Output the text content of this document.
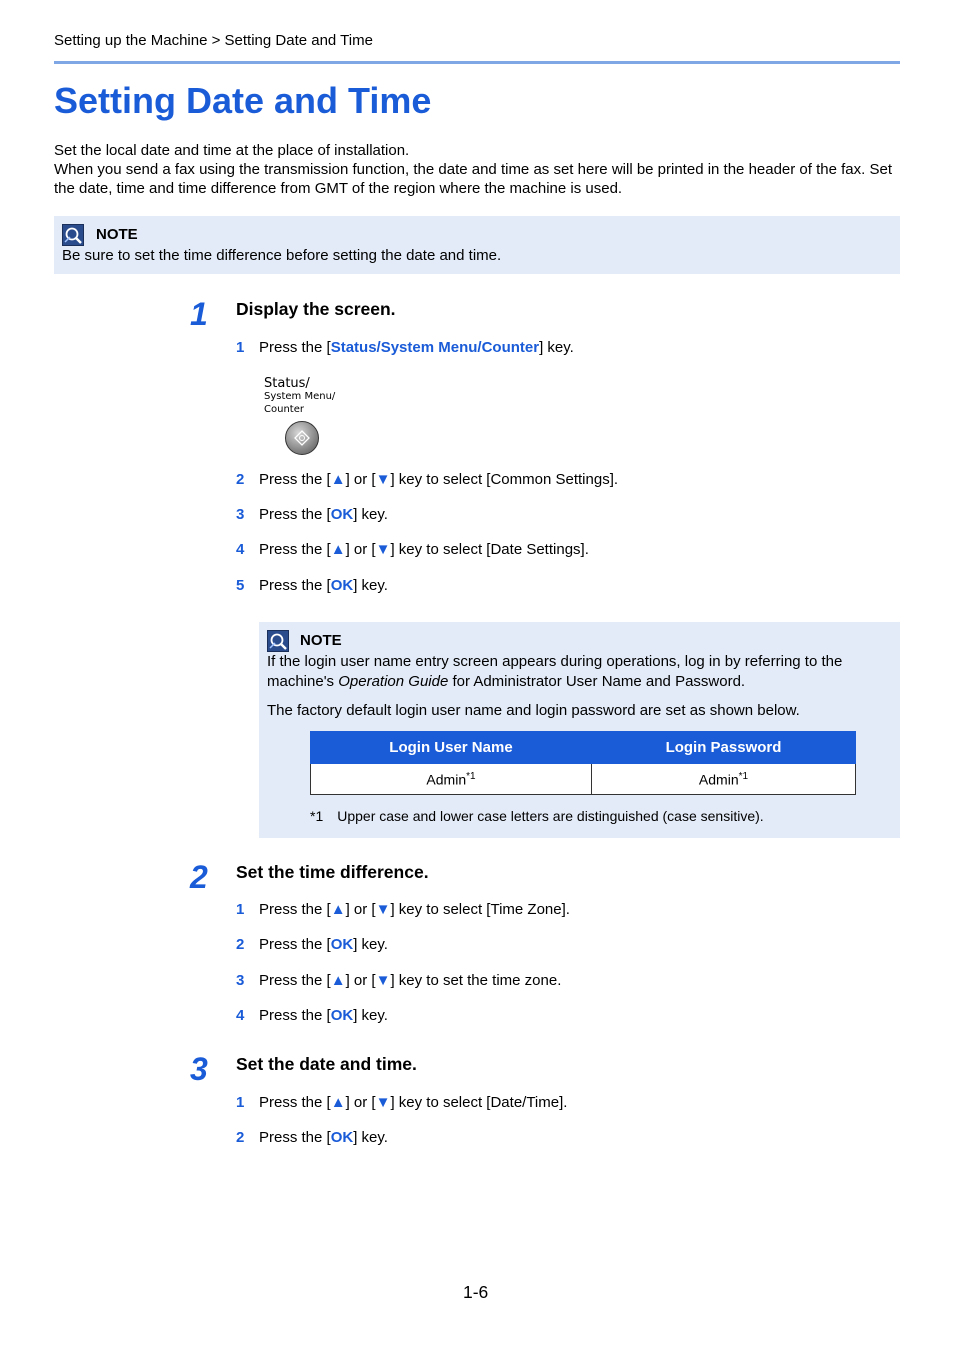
Setting up the Machine > Setting Date and Time
Setting Date and Time

Set the local date and time at the place of installation.

When you send a fax using the transmission function, the date and time as set here will be printed in the header of the fax. Set the date, time and time difference from GMT of the region where the machine is used.

NOTE
Be sure to set the time difference before setting the date and time.
1 Display the screen.
1 Press the [Status/System Menu/Counter] key.
Status/
System Menu/
Counter
2 Press the [▲] or [▼] key to select [Common Settings].
3 Press the [OK] key.
4 Press the [▲] or [▼] key to select [Date Settings].
5 Press the [OK] key.
NOTE
If the login user name entry screen appears during operations, log in by referring to the machine's Operation Guide for Administrator User Name and Password.
The factory default login user name and login password are set as shown below.
Login User Name	Login Password
Admin$^{*1}$	Admin$^{*1}$
*1 Upper case and lower case letters are distinguished (case sensitive).
2 Set the time difference.
1 Press the [▲] or [▼] key to select [Time Zone].
2 Press the [OK] key.
3 Press the [▲] or [▼] key to set the time zone.
4 Press the [OK] key.
3 Set the date and time.
1 Press the [▲] or [▼] key to select [Date/Time].
2 Press the [OK] key.
1-6
